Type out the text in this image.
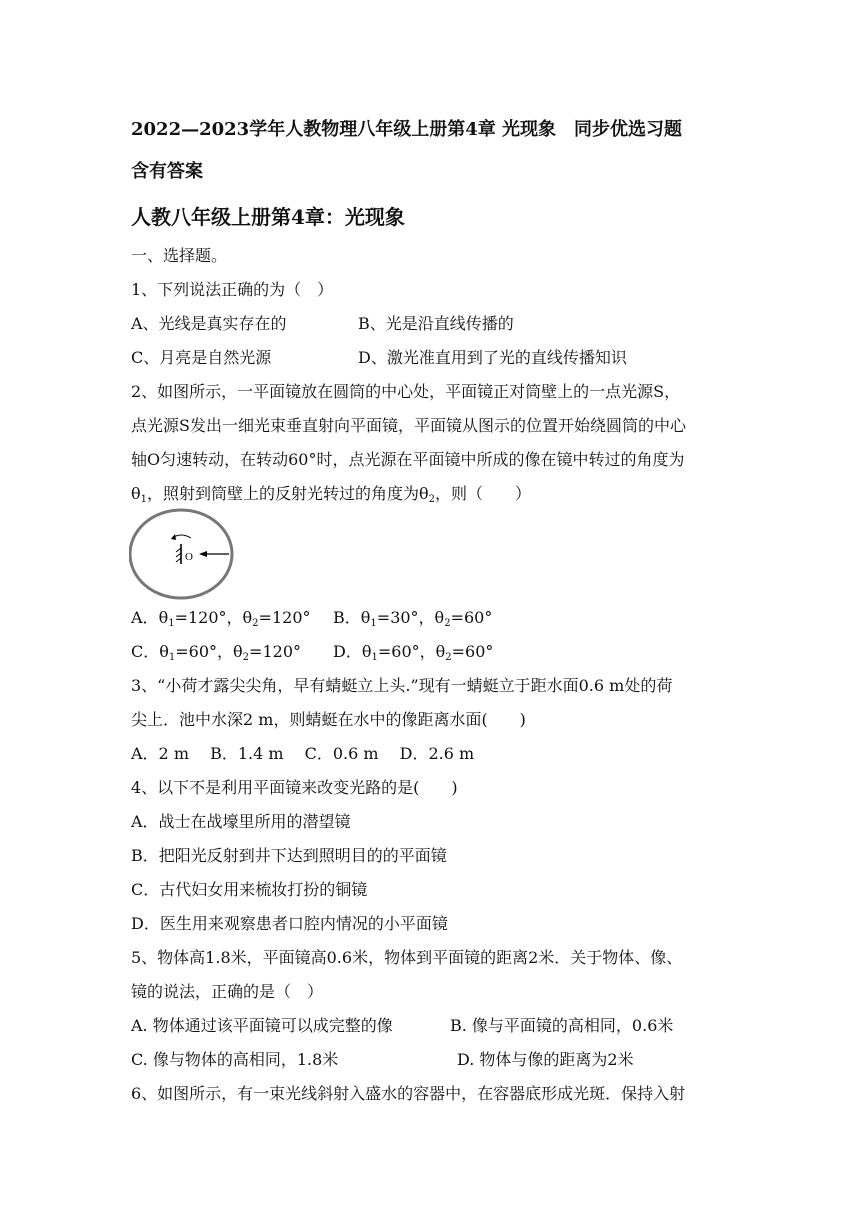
2022—2023学年人教物理八年级上册第4章 光现象　同步优选习题
含有答案
人教八年级上册第4章：光现象
一、选择题。
1、下列说法正确的为（　）
A、光线是真实存在的	B、光是沿直线传播的
C、月亮是自然光源	D、激光准直用到了光的直线传播知识
2、如图所示，一平面镜放在圆筒的中心处，平面镜正对筒壁上的一点光源S，
点光源S发出一细光束垂直射向平面镜，平面镜从图示的位置开始绕圆筒的中心
轴O匀速转动，在转动60°时，点光源在平面镜中所成的像在镜中转过的角度为
$\theta_1$，照射到筒壁上的反射光转过的角度为$\theta_2$，则（　　）
O
A．$\theta_1=120^\circ$，$\theta_2=120^\circ$ B．$\theta_1=30^\circ$，$\theta_2=60^\circ$
C．$\theta_1=60^\circ$，$\theta_2=120^\circ$ D．$\theta_1=60^\circ$，$\theta_2=60^\circ$
3、“小荷才露尖尖角，早有蜻蜓立上头.”现有一蜻蜓立于距水面0.6 m处的荷
尖上．池中水深2 m，则蜻蜓在水中的像距离水面(　　)
A．2 m　 B．1.4 m　 C．0.6 m　 D．2.6 m
4、以下不是利用平面镜来改变光路的是(　　)
A．战士在战壕里所用的潜望镜
B．把阳光反射到井下达到照明目的的平面镜
C．古代妇女用来梳妆打扮的铜镜
D．医生用来观察患者口腔内情况的小平面镜
5、物体高1.8米，平面镜高0.6米，物体到平面镜的距离2米．关于物体、像、
镜的说法，正确的是（　）
A. 物体通过该平面镜可以成完整的像	B. 像与平面镜的高相同，0.6米
C. 像与物体的高相同，1.8米	D. 物体与像的距离为2米
6、如图所示，有一束光线斜射入盛水的容器中，在容器底形成光斑．保持入射
